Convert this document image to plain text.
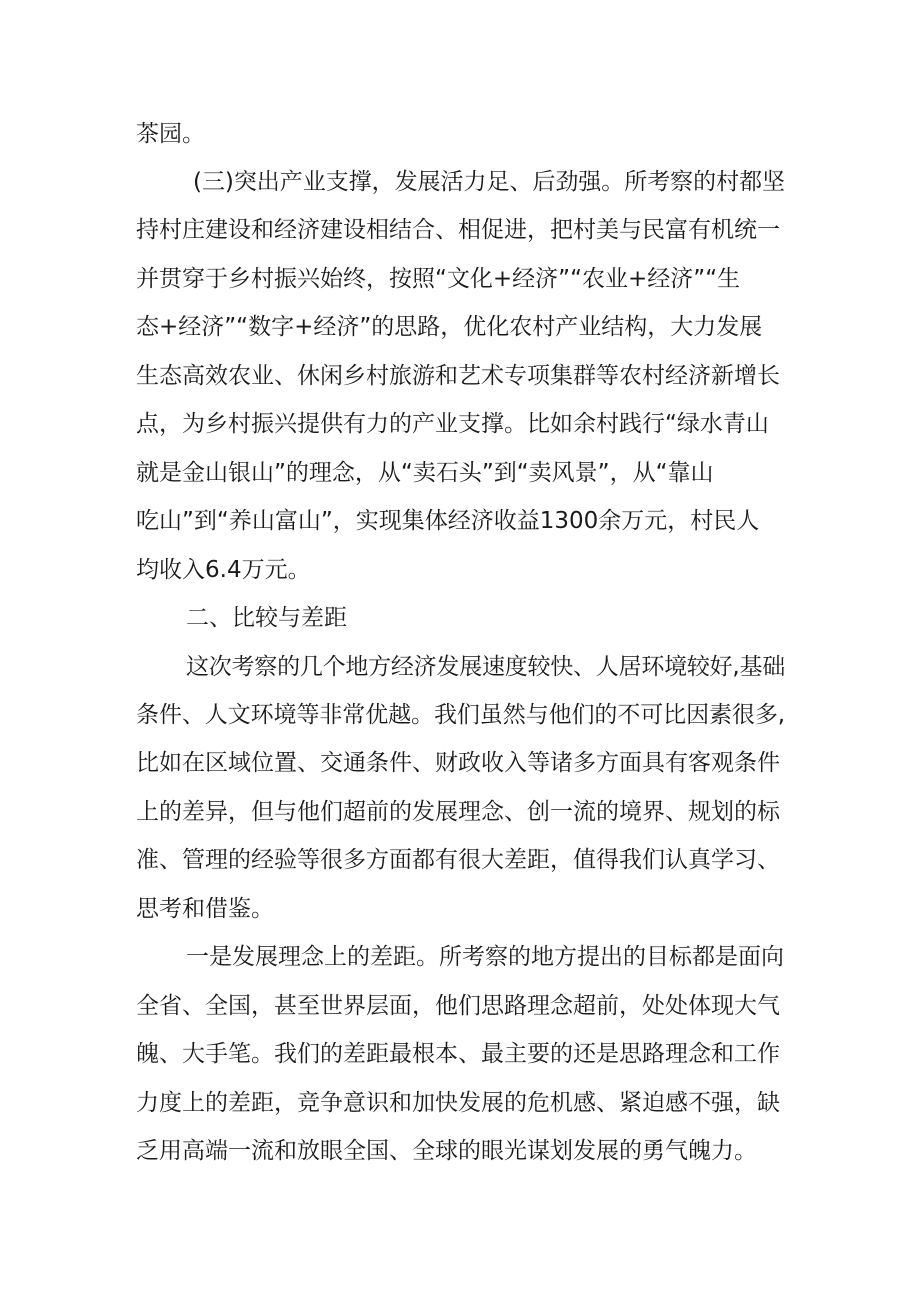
茶园。

(三)突出产业支撑，发展活力足、后劲强。所考察的村都坚

持村庄建设和经济建设相结合、相促进，把村美与民富有机统一

并贯穿于乡村振兴始终，按照“文化+经济”“农业+经济”“生

态+经济”“数字+经济”的思路，优化农村产业结构，大力发展

生态高效农业、休闲乡村旅游和艺术专项集群等农村经济新增长

点，为乡村振兴提供有力的产业支撑。比如余村践行“绿水青山

就是金山银山”的理念，从“卖石头”到“卖风景”，从“靠山

吃山”到“养山富山”，实现集体经济收益1300余万元，村民人

均收入6.4万元。

二、比较与差距

这次考察的几个地方经济发展速度较快、人居环境较好,基础

条件、人文环境等非常优越。我们虽然与他们的不可比因素很多,

比如在区域位置、交通条件、财政收入等诸多方面具有客观条件

上的差异，但与他们超前的发展理念、创一流的境界、规划的标

准、管理的经验等很多方面都有很大差距，值得我们认真学习、

思考和借鉴。

一是发展理念上的差距。所考察的地方提出的目标都是面向

全省、全国，甚至世界层面，他们思路理念超前，处处体现大气

魄、大手笔。我们的差距最根本、最主要的还是思路理念和工作

力度上的差距，竞争意识和加快发展的危机感、紧迫感不强，缺

乏用高端一流和放眼全国、全球的眼光谋划发展的勇气魄力。
